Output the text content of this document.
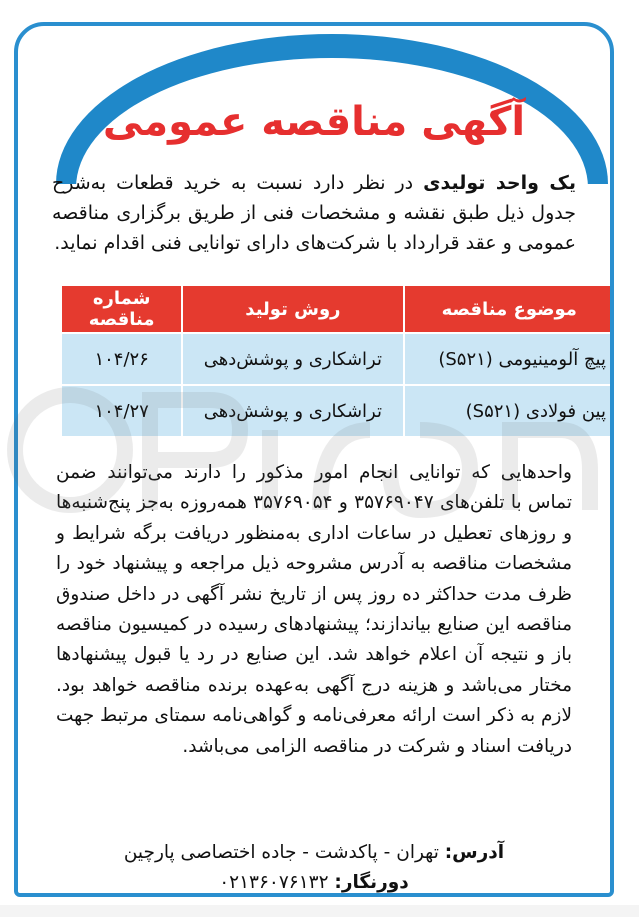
آگهی مناقصه عمومی
یک واحد تولیدی در نظر دارد نسبت به خرید قطعات به‌شرح جدول ذیل طبق نقشه و مشخصات فنی از طریق برگزاری مناقصه عمومی و عقد قرارداد با شرکت‌های دارای توانایی فنی اقدام نماید.
موضوع مناقصه	روش تولید	شماره مناقصه
پیچ آلومینیومی (S۵۲۱)	تراشکاری و پوشش‌دهی	۱۰۴/۲۶
پین فولادی (S۵۲۱)	تراشکاری و پوشش‌دهی	۱۰۴/۲۷
واحدهایی که توانایی انجام امور مذکور را دارند می‌توانند ضمن تماس با تلفن‌های ۳۵۷۶۹۰۴۷ و ۳۵۷۶۹۰۵۴ همه‌روزه به‌جز پنج‌شنبه‌ها و روزهای تعطیل در ساعات اداری به‌منظور دریافت برگه شرایط و مشخصات مناقصه به آدرس مشروحه ذیل مراجعه و پیشنهاد خود را ظرف مدت حداکثر ده روز پس از تاریخ نشر آگهی در داخل صندوق مناقصه این صنایع بیاندازند؛ پیشنهادهای رسیده در کمیسیون مناقصه باز و نتیجه آن اعلام خواهد شد. این صنایع در رد یا قبول پیشنهادها مختار می‌باشد و هزینه درج آگهی به‌عهده برنده مناقصه خواهد بود. لازم به ذکر است ارائه معرفی‌نامه و گواهی‌نامه سمتای مرتبط جهت دریافت اسناد و شرکت در مناقصه الزامی می‌باشد.
آدرس: تهران - پاکدشت - جاده اختصاصی پارچین
دورنگار: ۰۲۱۳۶۰۷۶۱۳۲
